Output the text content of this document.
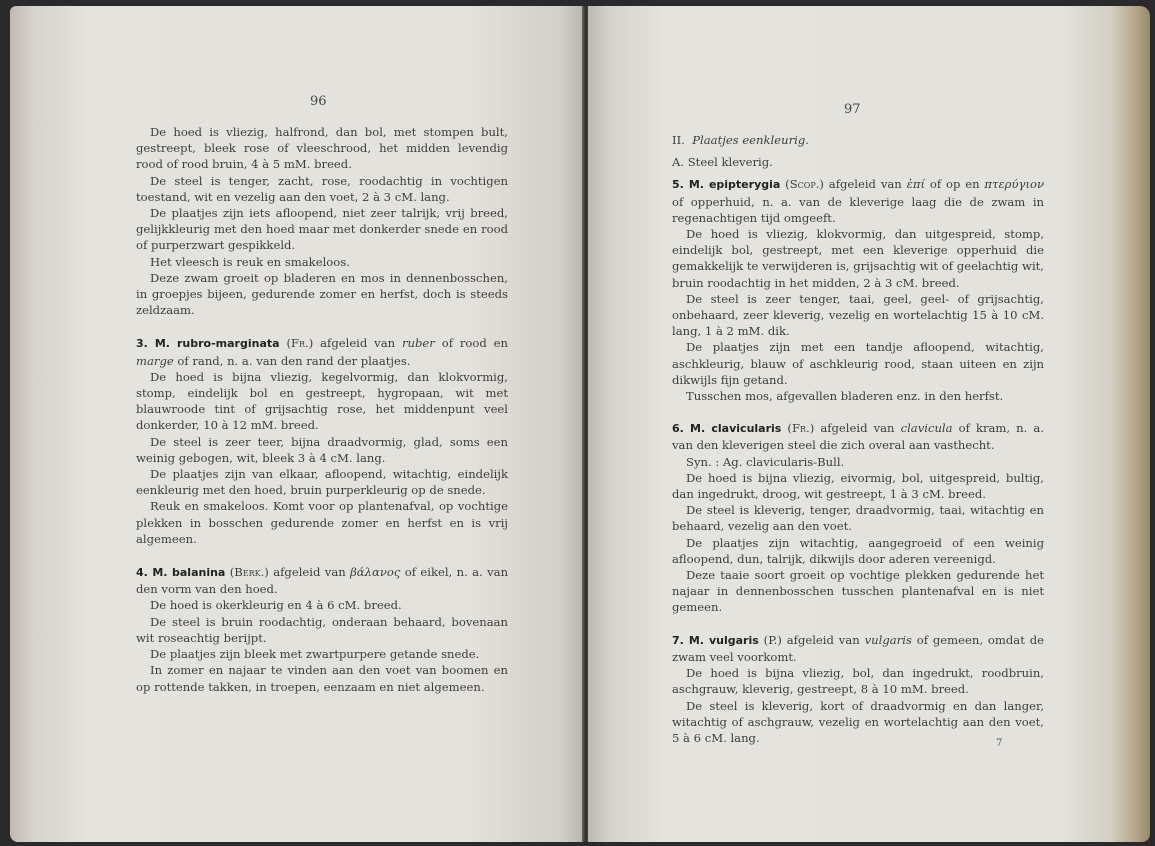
96

De hoed is vliezig, halfrond, dan bol, met stompen bult, gestreept, bleek rose of vleeschrood, het midden levendig rood of rood bruin, 4 à 5 mM. breed.

De steel is tenger, zacht, rose, roodachtig in vochtigen toestand, wit en vezelig aan den voet, 2 à 3 cM. lang.

De plaatjes zijn iets afloopend, niet zeer talrijk, vrij breed, gelijkkleurig met den hoed maar met donkerder snede en rood of purperzwart gespikkeld.

Het vleesch is reuk en smakeloos.

Deze zwam groeit op bladeren en mos in dennenbosschen, in groepjes bijeen, gedurende zomer en herfst, doch is steeds zeldzaam.

3. M. rubro-marginata (Fr.) afgeleid van ruber of rood en marge of rand, n. a. van den rand der plaatjes.

De hoed is bijna vliezig, kegelvormig, dan klokvormig, stomp, eindelijk bol en gestreept, hygropaan, wit met blauwroode tint of grijsachtig rose, het middenpunt veel donkerder, 10 à 12 mM. breed.

De steel is zeer teer, bijna draadvormig, glad, soms een weinig gebogen, wit, bleek 3 à 4 cM. lang.

De plaatjes zijn van elkaar, afloopend, witachtig, eindelijk eenkleurig met den hoed, bruin purperkleurig op de snede.

Reuk en smakeloos. Komt voor op plantenafval, op vochtige plekken in bosschen gedurende zomer en herfst en is vrij algemeen.

4. M. balanina (Berk.) afgeleid van βάλανος of eikel, n. a. van den vorm van den hoed.

De hoed is okerkleurig en 4 à 6 cM. breed.

De steel is bruin roodachtig, onderaan behaard, bovenaan wit roseachtig berijpt.

De plaatjes zijn bleek met zwartpurpere getande snede.

In zomer en najaar te vinden aan den voet van boomen en op rottende takken, in troepen, eenzaam en niet algemeen.

97

II. Plaatjes eenkleurig.

A. Steel kleverig.

5. M. epipterygia (Scop.) afgeleid van ἐπί of op en πτερύγιον of opperhuid, n. a. van de kleverige laag die de zwam in regenachtigen tijd omgeeft.

De hoed is vliezig, klokvormig, dan uitgespreid, stomp, eindelijk bol, gestreept, met een kleverige opperhuid die gemakkelijk te verwijderen is, grijsachtig wit of geelachtig wit, bruin roodachtig in het midden, 2 à 3 cM. breed.

De steel is zeer tenger, taai, geel, geel- of grijsachtig, onbehaard, zeer kleverig, vezelig en wortelachtig 15 à 10 cM. lang, 1 à 2 mM. dik.

De plaatjes zijn met een tandje afloopend, witachtig, aschkleurig, blauw of aschkleurig rood, staan uiteen en zijn dikwijls fijn getand.

Tusschen mos, afgevallen bladeren enz. in den herfst.

6. M. clavicularis (Fr.) afgeleid van clavicula of kram, n. a. van den kleverigen steel die zich overal aan vasthecht.

Syn. : Ag. clavicularis-Bull.

De hoed is bijna vliezig, eivormig, bol, uitgespreid, bultig, dan ingedrukt, droog, wit gestreept, 1 à 3 cM. breed.

De steel is kleverig, tenger, draadvormig, taai, witachtig en behaard, vezelig aan den voet.

De plaatjes zijn witachtig, aangegroeid of een weinig afloopend, dun, talrijk, dikwijls door aderen vereenigd.

Deze taaie soort groeit op vochtige plekken gedurende het najaar in dennenbosschen tusschen plantenafval en is niet gemeen.

7. M. vulgaris (P.) afgeleid van vulgaris of gemeen, omdat de zwam veel voorkomt.

De hoed is bijna vliezig, bol, dan ingedrukt, roodbruin, aschgrauw, kleverig, gestreept, 8 à 10 mM. breed.

De steel is kleverig, kort of draadvormig en dan langer, witachtig of aschgrauw, vezelig en wortelachtig aan den voet, 5 à 6 cM. lang.	7
